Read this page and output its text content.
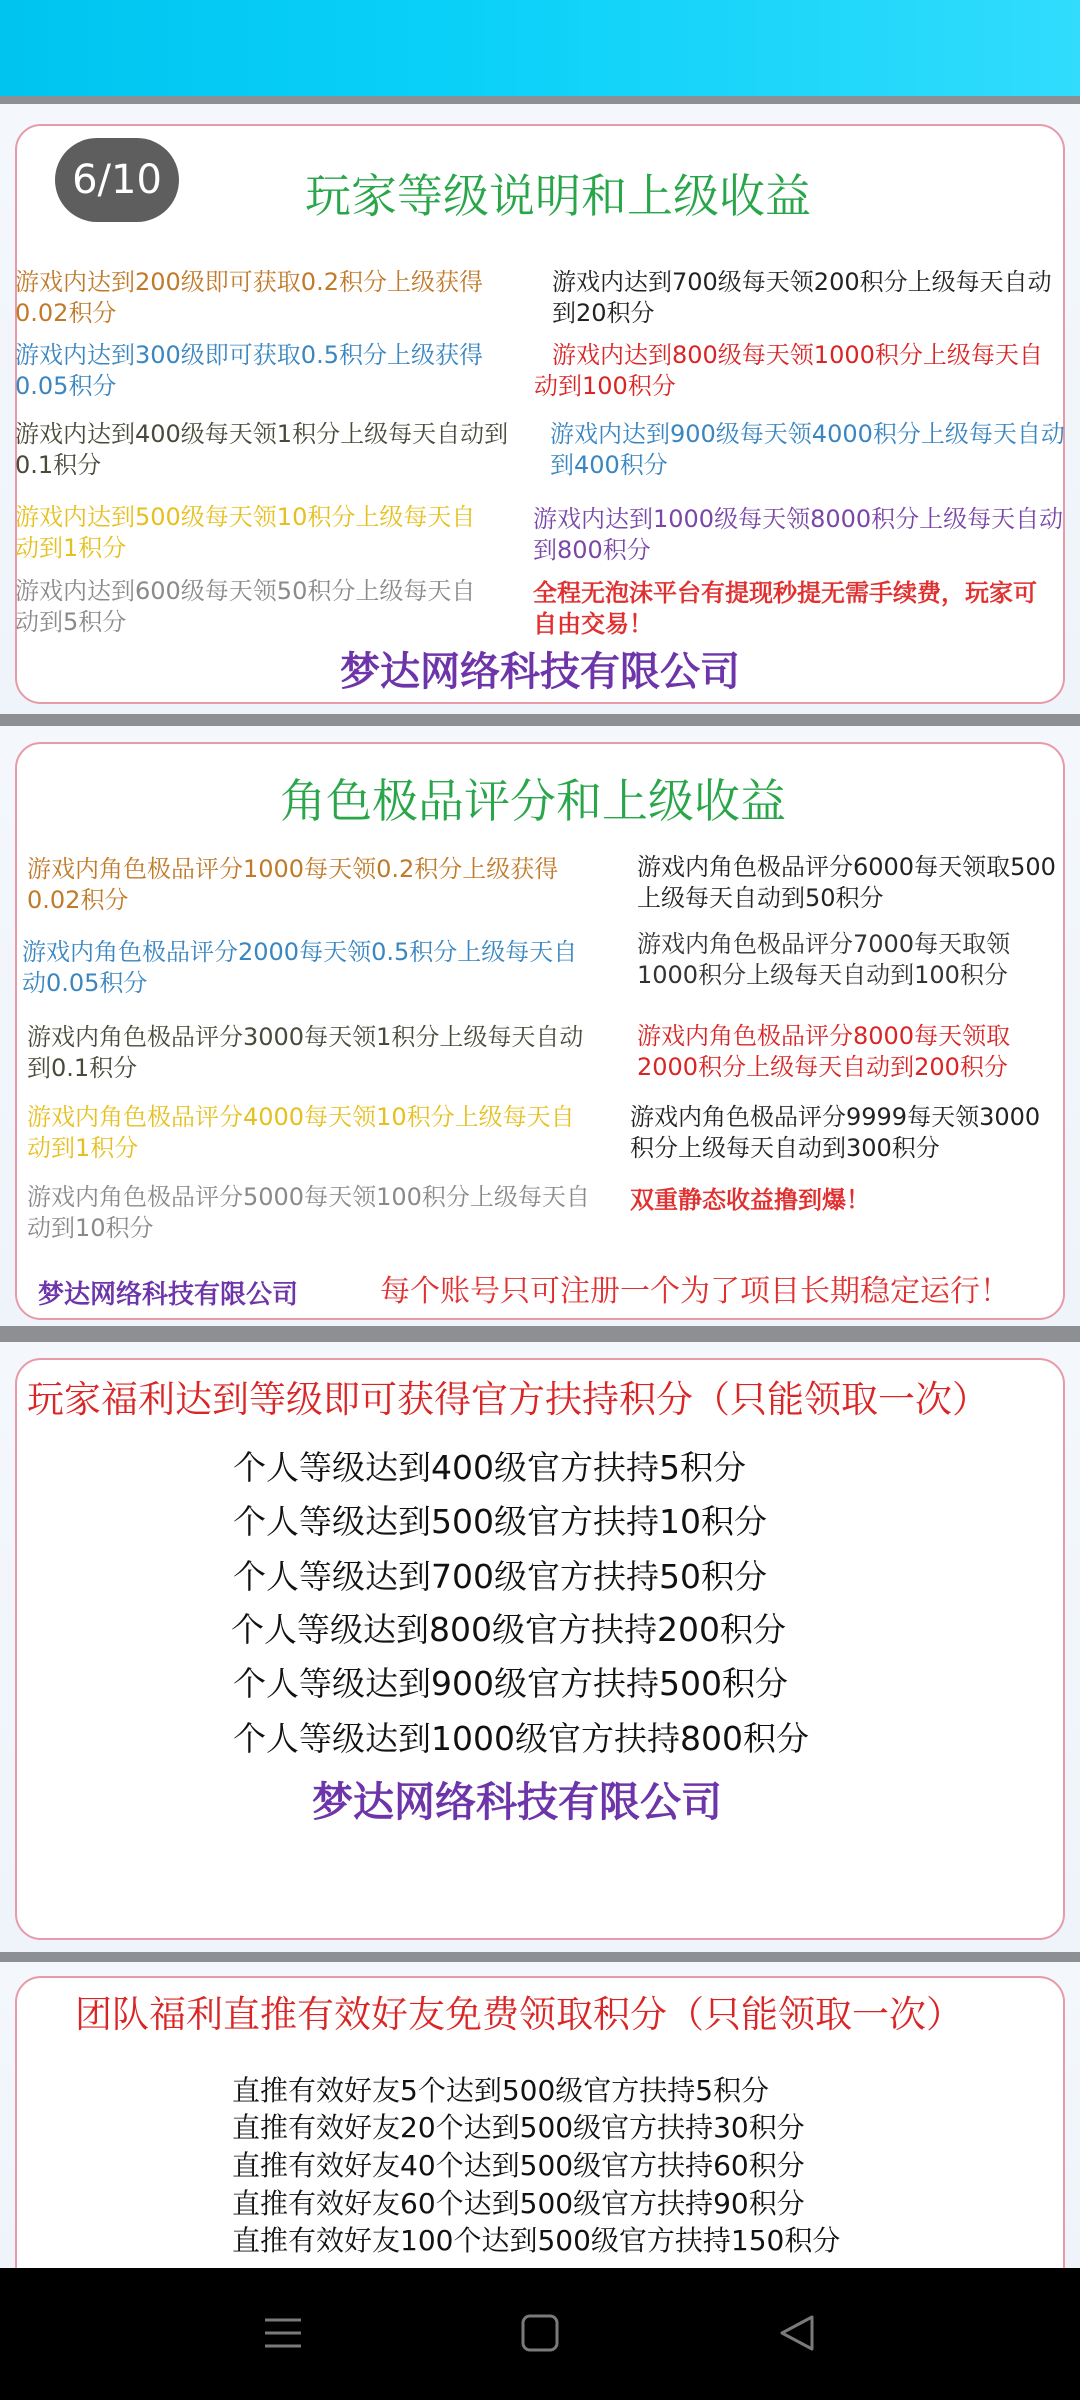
6/10	玩家等级说明和上级收益
游戏内达到200级即可获取0.2积分上级获得0.02积分
游戏内达到300级即可获取0.5积分上级获得0.05积分
游戏内达到400级每天领1积分上级每天自动到0.1积分
游戏内达到500级每天领10积分上级每天自动到1积分
游戏内达到600级每天领50积分上级每天自动到5积分
游戏内达到700级每天领200积分上级每天自动到20积分
游戏内达到800级每天领1000积分上级每天自动到100积分
游戏内达到900级每天领4000积分上级每天自动到400积分
游戏内达到1000级每天领8000积分上级每天自动到800积分
全程无泡沫平台有提现秒提无需手续费，玩家可自由交易！
梦达网络科技有限公司
角色极品评分和上级收益
游戏内角色极品评分1000每天领0.2积分上级获得0.02积分
游戏内角色极品评分2000每天领0.5积分上级每天自动0.05积分
游戏内角色极品评分3000每天领1积分上级每天自动到0.1积分
游戏内角色极品评分4000每天领10积分上级每天自动到1积分
游戏内角色极品评分5000每天领100积分上级每天自动到10积分
游戏内角色极品评分6000每天领取500上级每天自动到50积分
游戏内角色极品评分7000每天取领1000积分上级每天自动到100积分
游戏内角色极品评分8000每天领取2000积分上级每天自动到200积分
游戏内角色极品评分9999每天领3000积分上级每天自动到300积分
双重静态收益撸到爆！
梦达网络科技有限公司	每个账号只可注册一个为了项目长期稳定运行！
玩家福利达到等级即可获得官方扶持积分（只能领取一次）
个人等级达到400级官方扶持5积分
个人等级达到500级官方扶持10积分
个人等级达到700级官方扶持50积分
个人等级达到800级官方扶持200积分
个人等级达到900级官方扶持500积分
个人等级达到1000级官方扶持800积分
梦达网络科技有限公司
团队福利直推有效好友免费领取积分（只能领取一次）
直推有效好友5个达到500级官方扶持5积分
直推有效好友20个达到500级官方扶持30积分
直推有效好友40个达到500级官方扶持60积分
直推有效好友60个达到500级官方扶持90积分
直推有效好友100个达到500级官方扶持150积分
